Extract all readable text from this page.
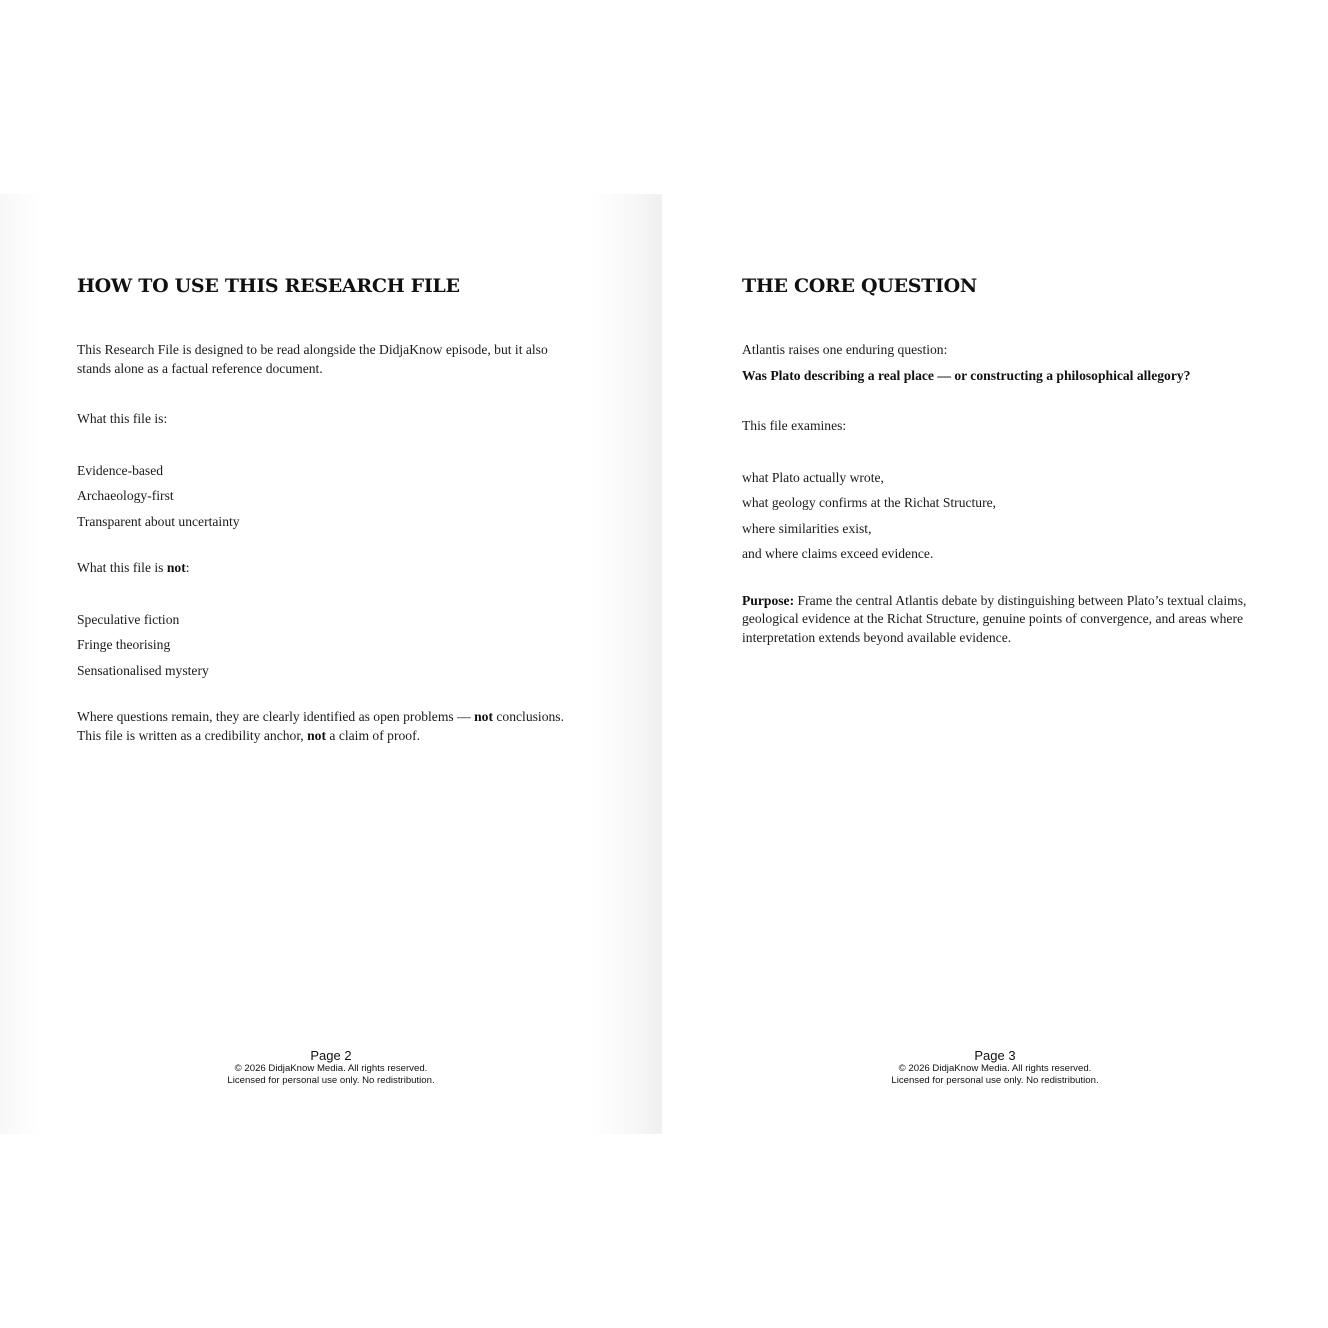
HOW TO USE THIS RESEARCH FILE

This Research File is designed to be read alongside the DidjaKnow episode, but it also stands alone as a factual reference document.

What this file is:

Evidence-based

Archaeology-first

Transparent about uncertainty

What this file is not:

Speculative fiction

Fringe theorising

Sensationalised mystery

Where questions remain, they are clearly identified as open problems — not conclusions.

This file is written as a credibility anchor, not a claim of proof.

Page 2
© 2026 DidjaKnow Media. All rights reserved.
Licensed for personal use only. No redistribution.
THE CORE QUESTION

Atlantis raises one enduring question:

Was Plato describing a real place — or constructing a philosophical allegory?

This file examines:

what Plato actually wrote,

what geology confirms at the Richat Structure,

where similarities exist,

and where claims exceed evidence.

Purpose: Frame the central Atlantis debate by distinguishing between Plato’s textual claims, geological evidence at the Richat Structure, genuine points of convergence, and areas where interpretation extends beyond available evidence.

Page 3
© 2026 DidjaKnow Media. All rights reserved.
Licensed for personal use only. No redistribution.
